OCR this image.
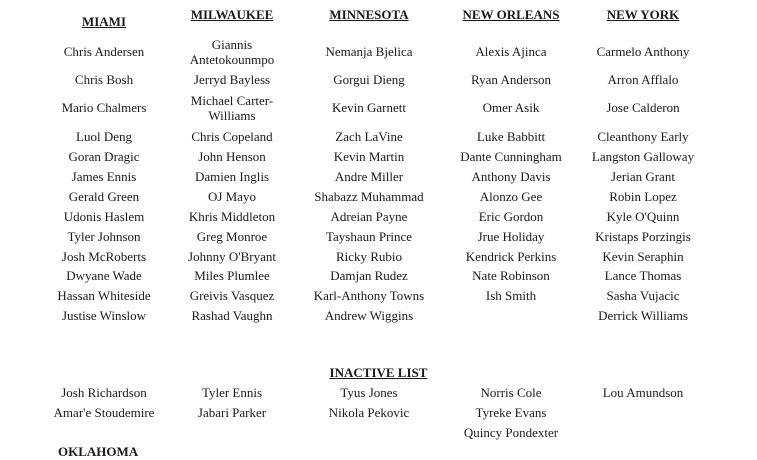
MIAMI
Chris Andersen
Chris Bosh
Mario Chalmers
Luol Deng
Goran Dragic
James Ennis
Gerald Green
Udonis Haslem
Tyler Johnson
Josh McRoberts
Dwyane Wade
Hassan Whiteside
Justise Winslow
Josh Richardson
Amar'e Stoudemire
MILWAUKEE
Giannis Antetokounmpo
Jerryd Bayless
Michael Carter-Williams
Chris Copeland
John Henson
Damien Inglis
OJ Mayo
Khris Middleton
Greg Monroe
Johnny O'Bryant
Miles Plumlee
Greivis Vasquez
Rashad Vaughn
Tyler Ennis
Jabari Parker
MINNESOTA
Nemanja Bjelica
Gorgui Dieng
Kevin Garnett
Zach LaVine
Kevin Martin
Andre Miller
Shabazz Muhammad
Adreian Payne
Tayshaun Prince
Ricky Rubio
Damjan Rudez
Karl-Anthony Towns
Andrew Wiggins
Tyus Jones
Nikola Pekovic
NEW ORLEANS
Alexis Ajinca
Ryan Anderson
Omer Asik
Luke Babbitt
Dante Cunningham
Anthony Davis
Alonzo Gee
Eric Gordon
Jrue Holiday
Kendrick Perkins
Nate Robinson
Ish Smith
Norris Cole
Tyreke Evans
Quincy Pondexter
NEW YORK
Carmelo Anthony
Arron Afflalo
Jose Calderon
Cleanthony Early
Langston Galloway
Jerian Grant
Robin Lopez
Kyle O'Quinn
Kristaps Porzingis
Kevin Seraphin
Lance Thomas
Sasha Vujacic
Derrick Williams
Lou Amundson
INACTIVE LIST
OKLAHOMA
